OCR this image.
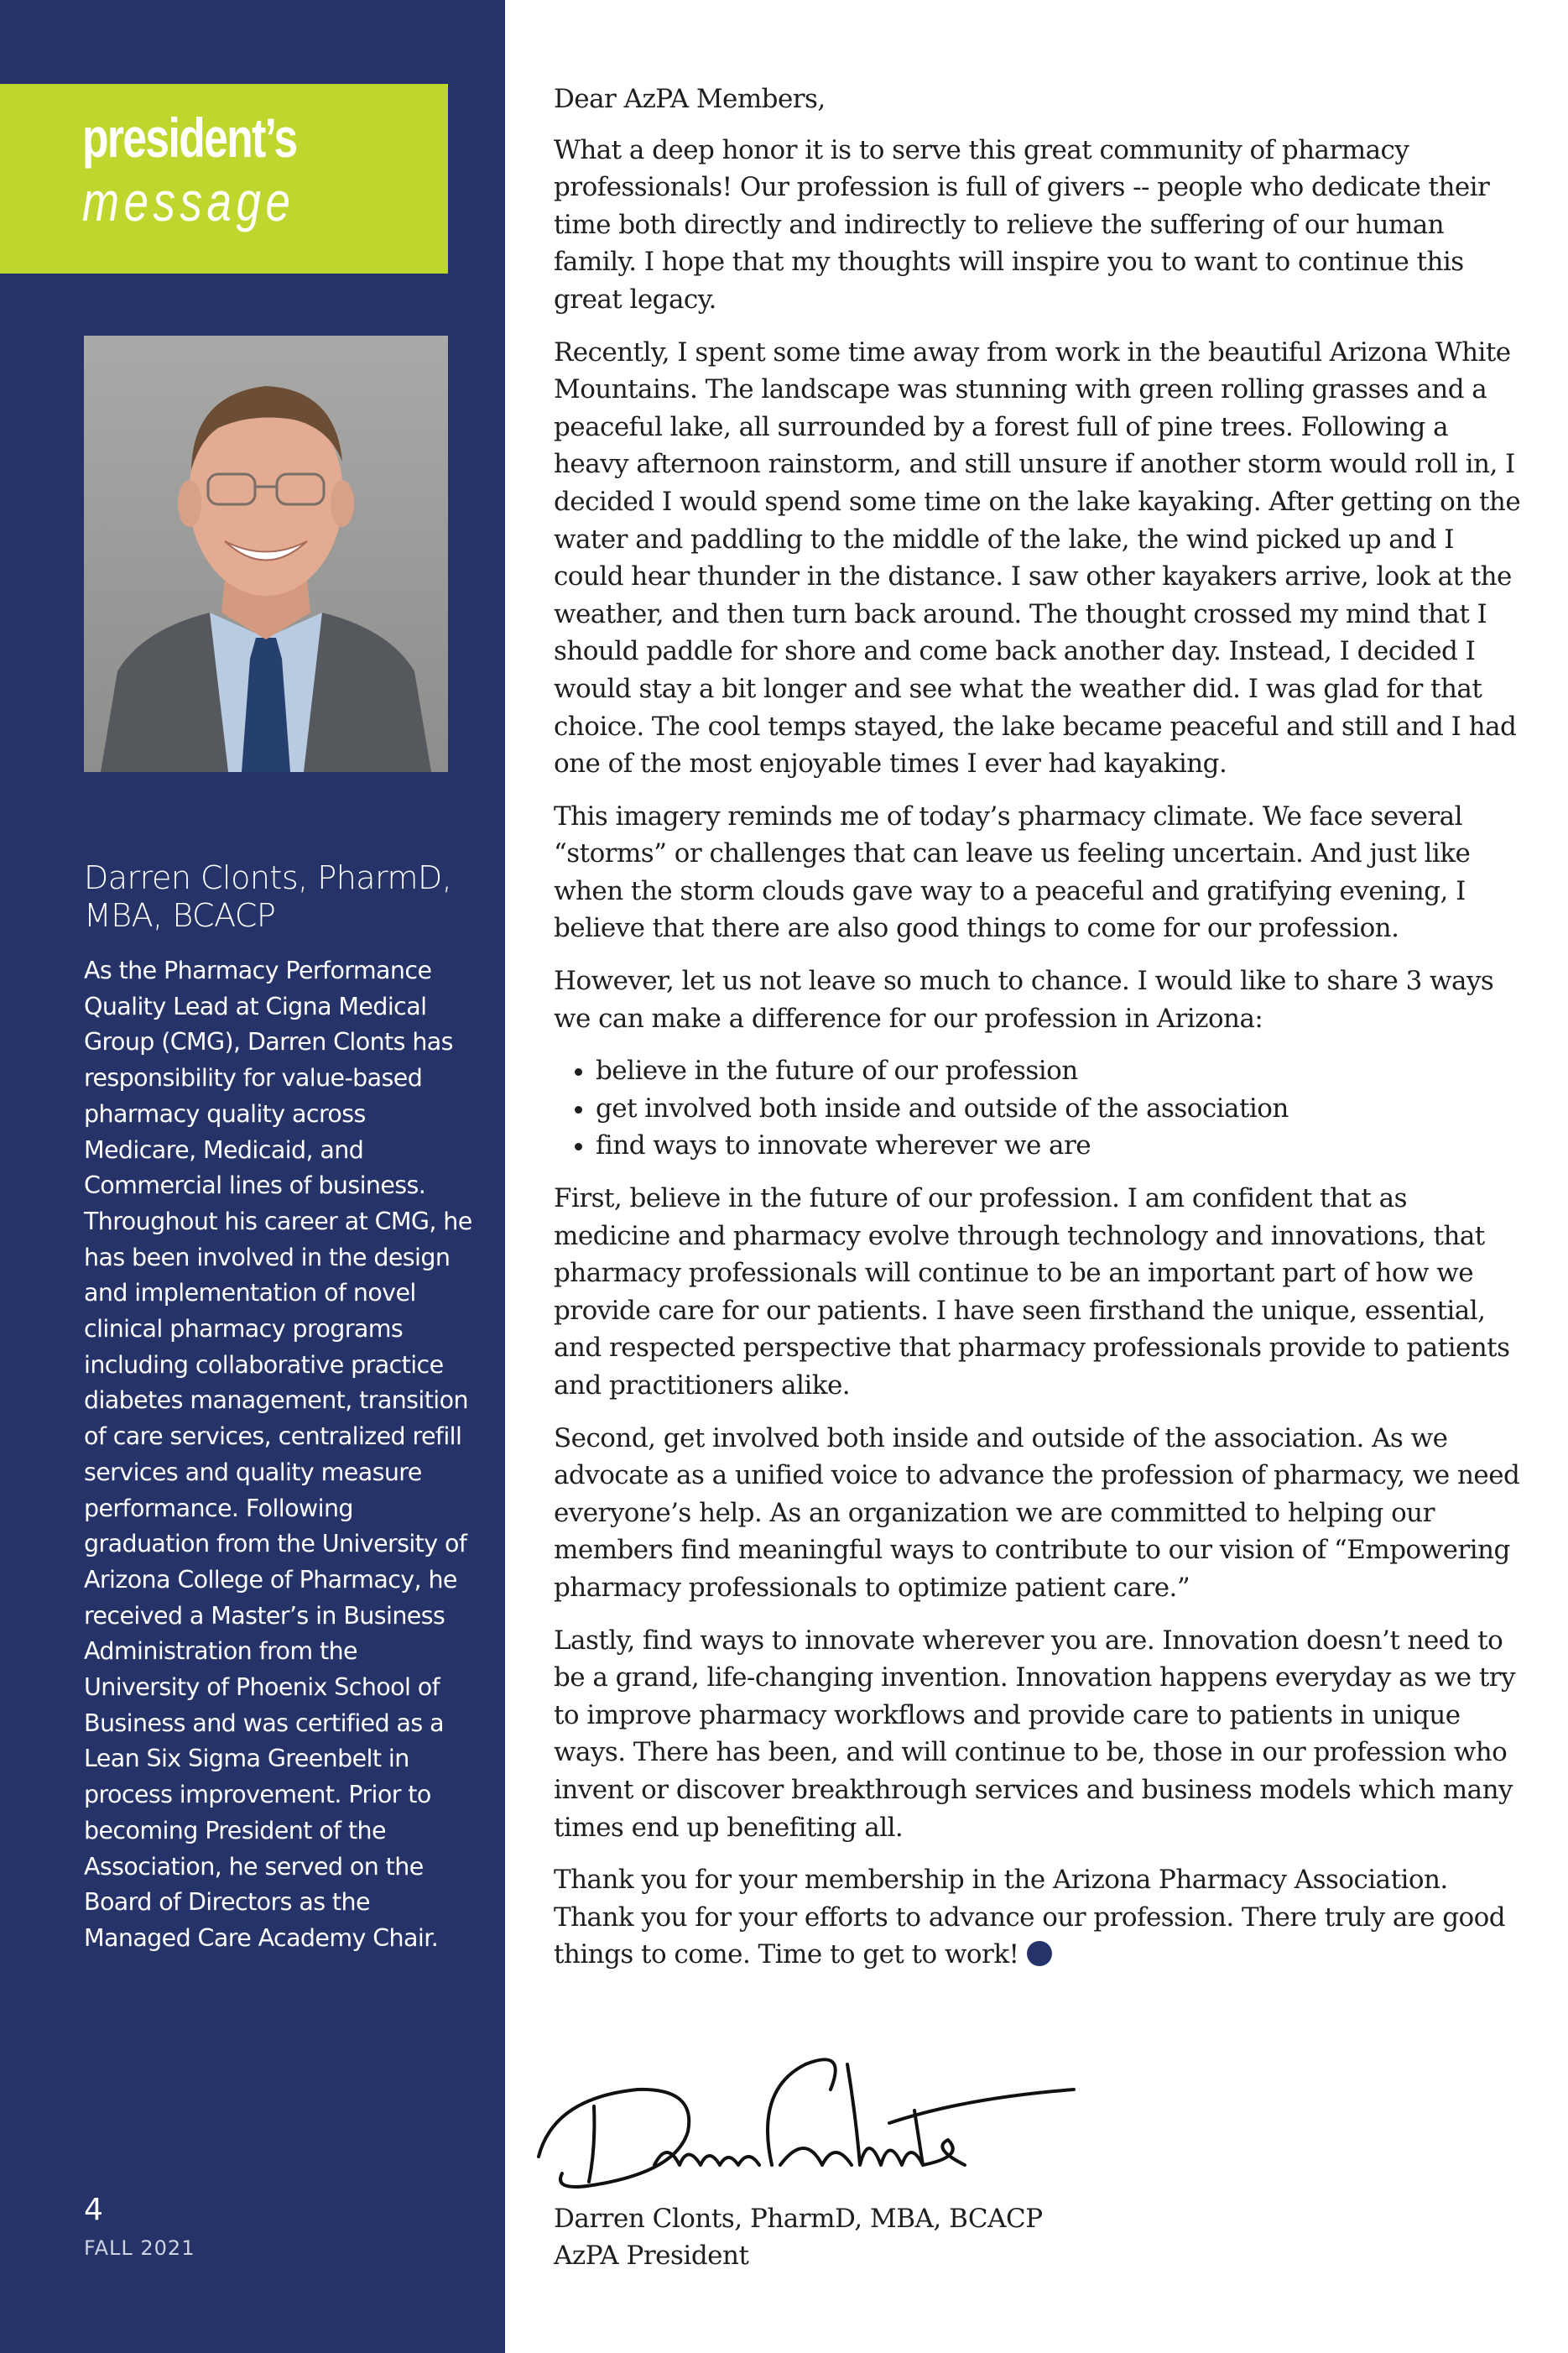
president’s
message
Darren Clonts, PharmD, MBA, BCACP
As the Pharmacy Performance Quality Lead at Cigna Medical Group (CMG), Darren Clonts has responsibility for value-based pharmacy quality across Medicare, Medicaid, and Commercial lines of business. Throughout his career at CMG, he has been involved in the design and implementation of novel clinical pharmacy programs including collaborative practice diabetes management, transition of care services, centralized refill services and quality measure performance. Following graduation from the University of Arizona College of Pharmacy, he received a Master’s in Business Administration from the University of Phoenix School of Business and was certified as a Lean Six Sigma Greenbelt in process improvement. Prior to becoming President of the Association, he served on the Board of Directors as the Managed Care Academy Chair.
4
FALL 2021

Dear AzPA Members,

What a deep honor it is to serve this great community of pharmacy professionals! Our profession is full of givers -- people who dedicate their time both directly and indirectly to relieve the suffering of our human family. I hope that my thoughts will inspire you to want to continue this great legacy.

Recently, I spent some time away from work in the beautiful Arizona White Mountains. The landscape was stunning with green rolling grasses and a peaceful lake, all surrounded by a forest full of pine trees. Following a heavy afternoon rainstorm, and still unsure if another storm would roll in, I decided I would spend some time on the lake kayaking. After getting on the water and paddling to the middle of the lake, the wind picked up and I could hear thunder in the distance. I saw other kayakers arrive, look at the weather, and then turn back around. The thought crossed my mind that I should paddle for shore and come back another day. Instead, I decided I would stay a bit longer and see what the weather did. I was glad for that choice. The cool temps stayed, the lake became peaceful and still and I had one of the most enjoyable times I ever had kayaking.

This imagery reminds me of today’s pharmacy climate. We face several “storms” or challenges that can leave us feeling uncertain. And just like when the storm clouds gave way to a peaceful and gratifying evening, I believe that there are also good things to come for our profession.

However, let us not leave so much to chance. I would like to share 3 ways we can make a difference for our profession in Arizona:

• believe in the future of our profession
• get involved both inside and outside of the association
• find ways to innovate wherever we are

First, believe in the future of our profession. I am confident that as medicine and pharmacy evolve through technology and innovations, that pharmacy professionals will continue to be an important part of how we provide care for our patients. I have seen firsthand the unique, essential, and respected perspective that pharmacy professionals provide to patients and practitioners alike.

Second, get involved both inside and outside of the association. As we advocate as a unified voice to advance the profession of pharmacy, we need everyone’s help. As an organization we are committed to helping our members find meaningful ways to contribute to our vision of “Empowering pharmacy professionals to optimize patient care.”

Lastly, find ways to innovate wherever you are. Innovation doesn’t need to be a grand, life-changing invention. Innovation happens everyday as we try to improve pharmacy workflows and provide care to patients in unique ways. There has been, and will continue to be, those in our profession who invent or discover breakthrough services and business models which many times end up benefiting all.

Thank you for your membership in the Arizona Pharmacy Association. Thank you for your efforts to advance our profession. There truly are good things to come. Time to get to work!

Darren Clonts, PharmD, MBA, BCACP
AzPA President
